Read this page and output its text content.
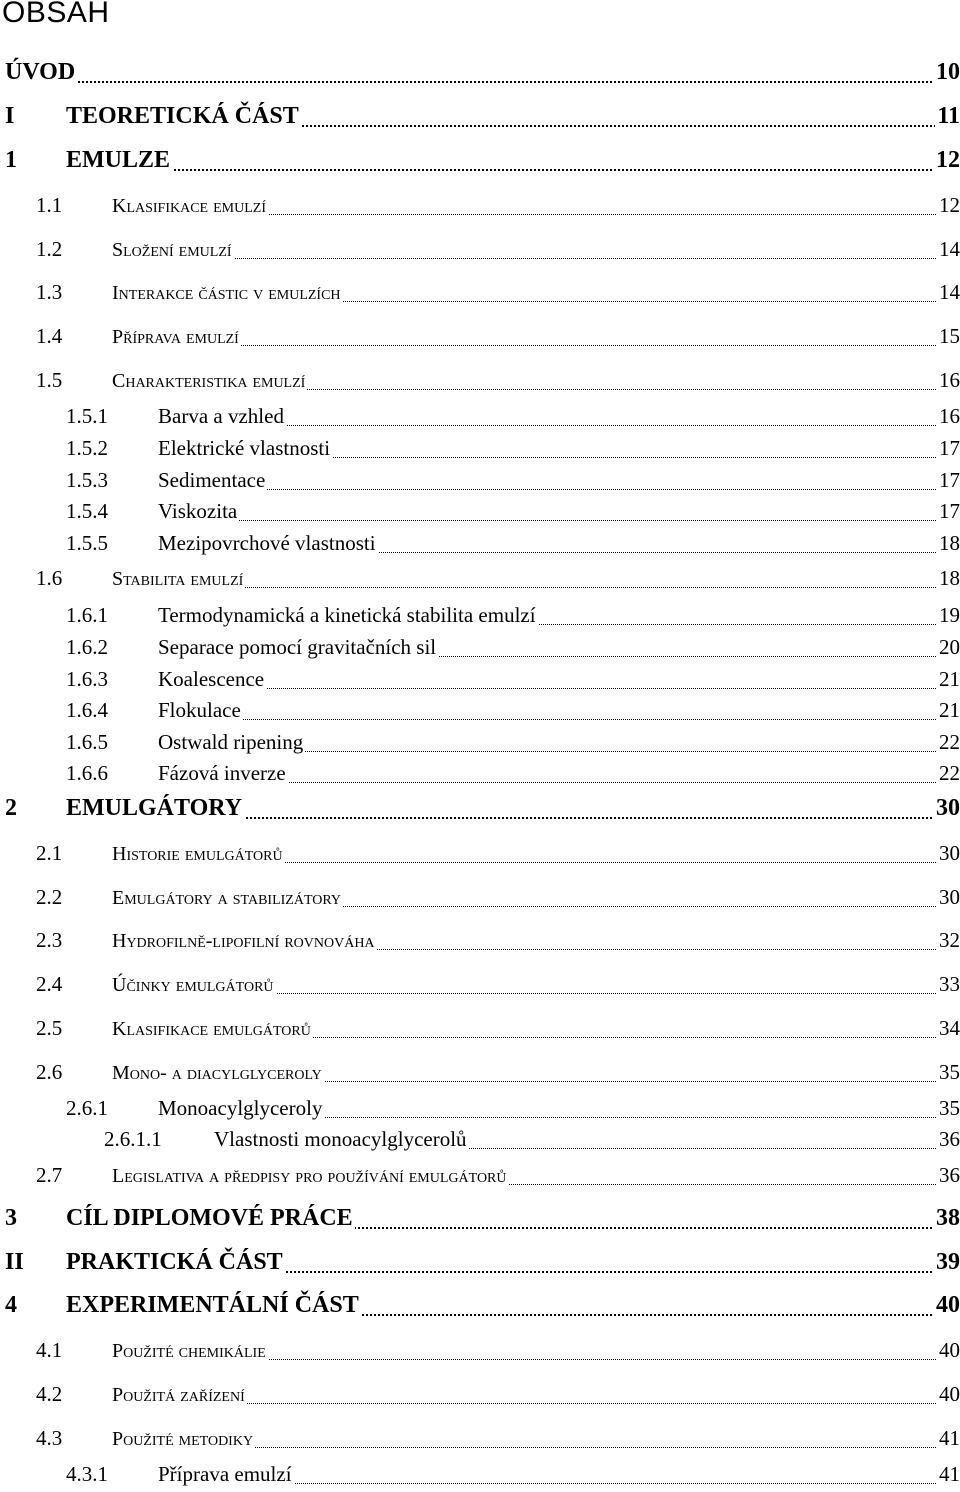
OBSAH
ÚVOD	10
I TEORETICKÁ ČÁST	11
1 EMULZE	12
1.1 Klasifikace emulzí	12
1.2 Složení emulzí	14
1.3 Interakce částic v emulzích	14
1.4 Příprava emulzí	15
1.5 Charakteristika emulzí	16
1.5.1 Barva a vzhled	16
1.5.2 Elektrické vlastnosti	17
1.5.3 Sedimentace	17
1.5.4 Viskozita	17
1.5.5 Mezipovrchové vlastnosti	18
1.6 Stabilita emulzí	18
1.6.1 Termodynamická a kinetická stabilita emulzí	19
1.6.2 Separace pomocí gravitačních sil	20
1.6.3 Koalescence	21
1.6.4 Flokulace	21
1.6.5 Ostwald ripening	22
1.6.6 Fázová inverze	22
2 EMULGÁTORY	30
2.1 Historie emulgátorů	30
2.2 Emulgátory a stabilizátory	30
2.3 Hydrofilně-lipofilní rovnováha	32
2.4 Účinky emulgátorů	33
2.5 Klasifikace emulgátorů	34
2.6 Mono- a diacylglyceroly	35
2.6.1 Monoacylglyceroly	35
2.6.1.1 Vlastnosti monoacylglycerolů	36
2.7 Legislativa a předpisy pro používání emulgátorů	36
3 CÍL DIPLOMOVÉ PRÁCE	38
II PRAKTICKÁ ČÁST	39
4 EXPERIMENTÁLNÍ ČÁST	40
4.1 Použité chemikálie	40
4.2 Použitá zařízení	40
4.3 Použité metodiky	41
4.3.1 Příprava emulzí	41
